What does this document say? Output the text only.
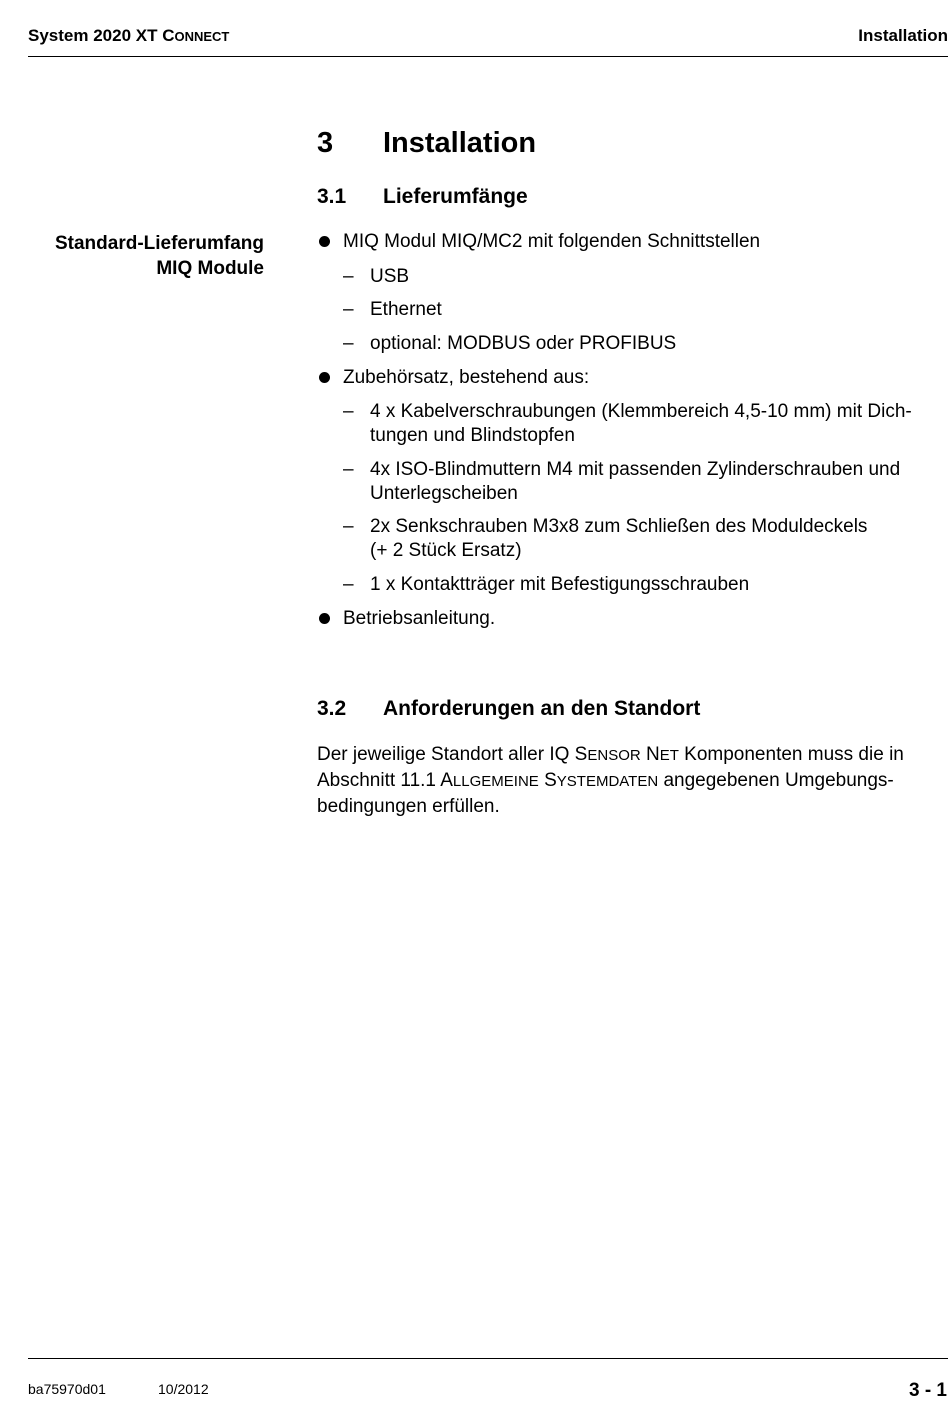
System 2020 XT CONNECT	Installation
3 Installation
3.1 Lieferumfänge
Standard-Lieferumfang
MIQ Module
MIQ Modul MIQ/MC2 mit folgenden Schnittstellen
– USB
– Ethernet
– optional: MODBUS oder PROFIBUS
Zubehörsatz, bestehend aus:
– 4 x Kabelverschraubungen (Klemmbereich 4,5-10 mm) mit Dich-
tungen und Blindstopfen
– 4x ISO-Blindmuttern M4 mit passenden Zylinderschrauben und
Unterlegscheiben
– 2x Senkschrauben M3x8 zum Schließen des Moduldeckels
(+ 2 Stück Ersatz)
– 1 x Kontaktträger mit Befestigungsschrauben
Betriebsanleitung.
3.2 Anforderungen an den Standort
Der jeweilige Standort aller IQ SENSOR NET Komponenten muss die in Abschnitt 11.1 ALLGEMEINE SYSTEMDATEN angegebenen Umgebungs- bedingungen erfüllen.
ba75970d01	10/2012	3 - 1
